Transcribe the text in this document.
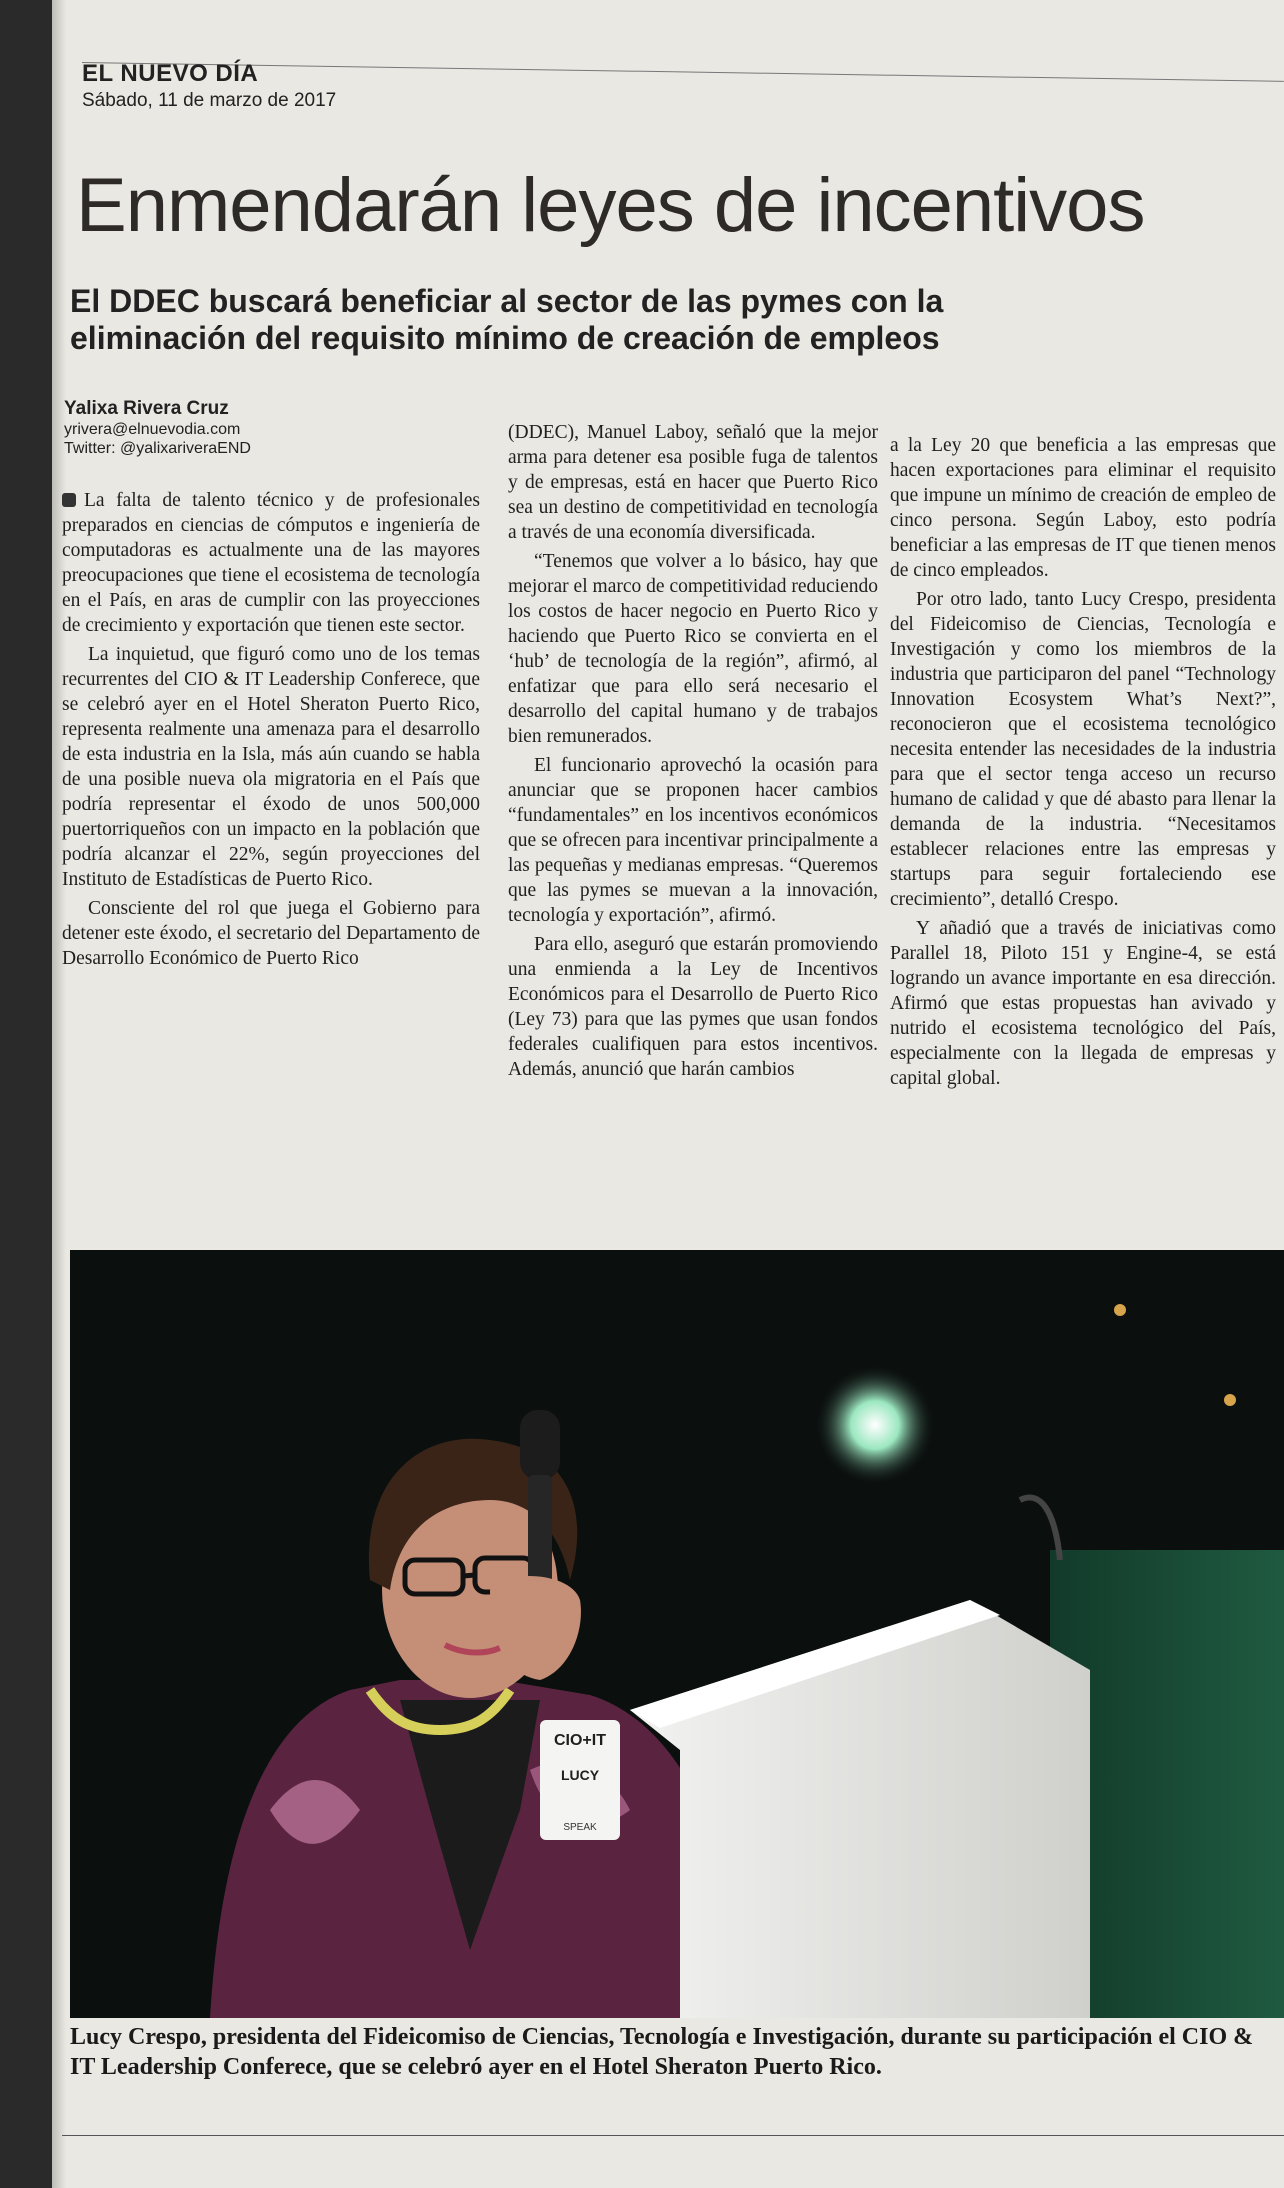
EL NUEVO DÍA
Sábado, 11 de marzo de 2017
Enmendarán leyes de incentivos
El DDEC buscará beneficiar al sector de las pymes con la eliminación del requisito mínimo de creación de empleos
Yalixa Rivera Cruz
yrivera@elnuevodia.com
Twitter: @yalixariveraEND

La falta de talento técnico y de profesionales preparados en ciencias de cómputos e ingeniería de computadoras es actualmente una de las mayores preocupaciones que tiene el ecosistema de tecnología en el País, en aras de cumplir con las proyecciones de crecimiento y exportación que tienen este sector.

La inquietud, que figuró como uno de los temas recurrentes del CIO & IT Leadership Conferece, que se celebró ayer en el Hotel Sheraton Puerto Rico, representa realmente una amenaza para el desarrollo de esta industria en la Isla, más aún cuando se habla de una posible nueva ola migratoria en el País que podría representar el éxodo de unos 500,000 puertorriqueños con un impacto en la población que podría alcanzar el 22%, según proyecciones del Instituto de Estadísticas de Puerto Rico.

Consciente del rol que juega el Gobierno para detener este éxodo, el secretario del Departamento de Desarrollo Económico de Puerto Rico

(DDEC), Manuel Laboy, señaló que la mejor arma para detener esa posible fuga de talentos y de empresas, está en hacer que Puerto Rico sea un destino de competitividad en tecnología a través de una economía diversificada.

“Tenemos que volver a lo básico, hay que mejorar el marco de competitividad reduciendo los costos de hacer negocio en Puerto Rico y haciendo que Puerto Rico se convierta en el ‘hub’ de tecnología de la región”, afirmó, al enfatizar que para ello será necesario el desarrollo del capital humano y de trabajos bien remunerados.

El funcionario aprovechó la ocasión para anunciar que se proponen hacer cambios “fundamentales” en los incentivos económicos que se ofrecen para incentivar principalmente a las pequeñas y medianas empresas. “Queremos que las pymes se muevan a la innovación, tecnología y exportación”, afirmó.

Para ello, aseguró que estarán promoviendo una enmienda a la Ley de Incentivos Económicos para el Desarrollo de Puerto Rico (Ley 73) para que las pymes que usan fondos federales cualifiquen para estos incentivos. Además, anunció que harán cambios

a la Ley 20 que beneficia a las empresas que hacen exportaciones para eliminar el requisito que impune un mínimo de creación de empleo de cinco persona. Según Laboy, esto podría beneficiar a las empresas de IT que tienen menos de cinco empleados.

Por otro lado, tanto Lucy Crespo, presidenta del Fideicomiso de Ciencias, Tecnología e Investigación y como los miembros de la industria que participaron del panel “Technology Innovation Ecosystem What’s Next?”, reconocieron que el ecosistema tecnológico necesita entender las necesidades de la industria para que el sector tenga acceso un recurso humano de calidad y que dé abasto para llenar la demanda de la industria. “Necesitamos establecer relaciones entre las empresas y startups para seguir fortaleciendo ese crecimiento”, detalló Crespo.

Y añadió que a través de iniciativas como Parallel 18, Piloto 151 y Engine-4, se está logrando un avance importante en esa dirección. Afirmó que estas propuestas han avivado y nutrido el ecosistema tecnológico del País, especialmente con la llegada de empresas y capital global.

CIO+IT
LUCY
SPEAK
Lucy Crespo, presidenta del Fideicomiso de Ciencias, Tecnología e Investigación, durante su participación el CIO & IT Leadership Conferece, que se celebró ayer en el Hotel Sheraton Puerto Rico.
